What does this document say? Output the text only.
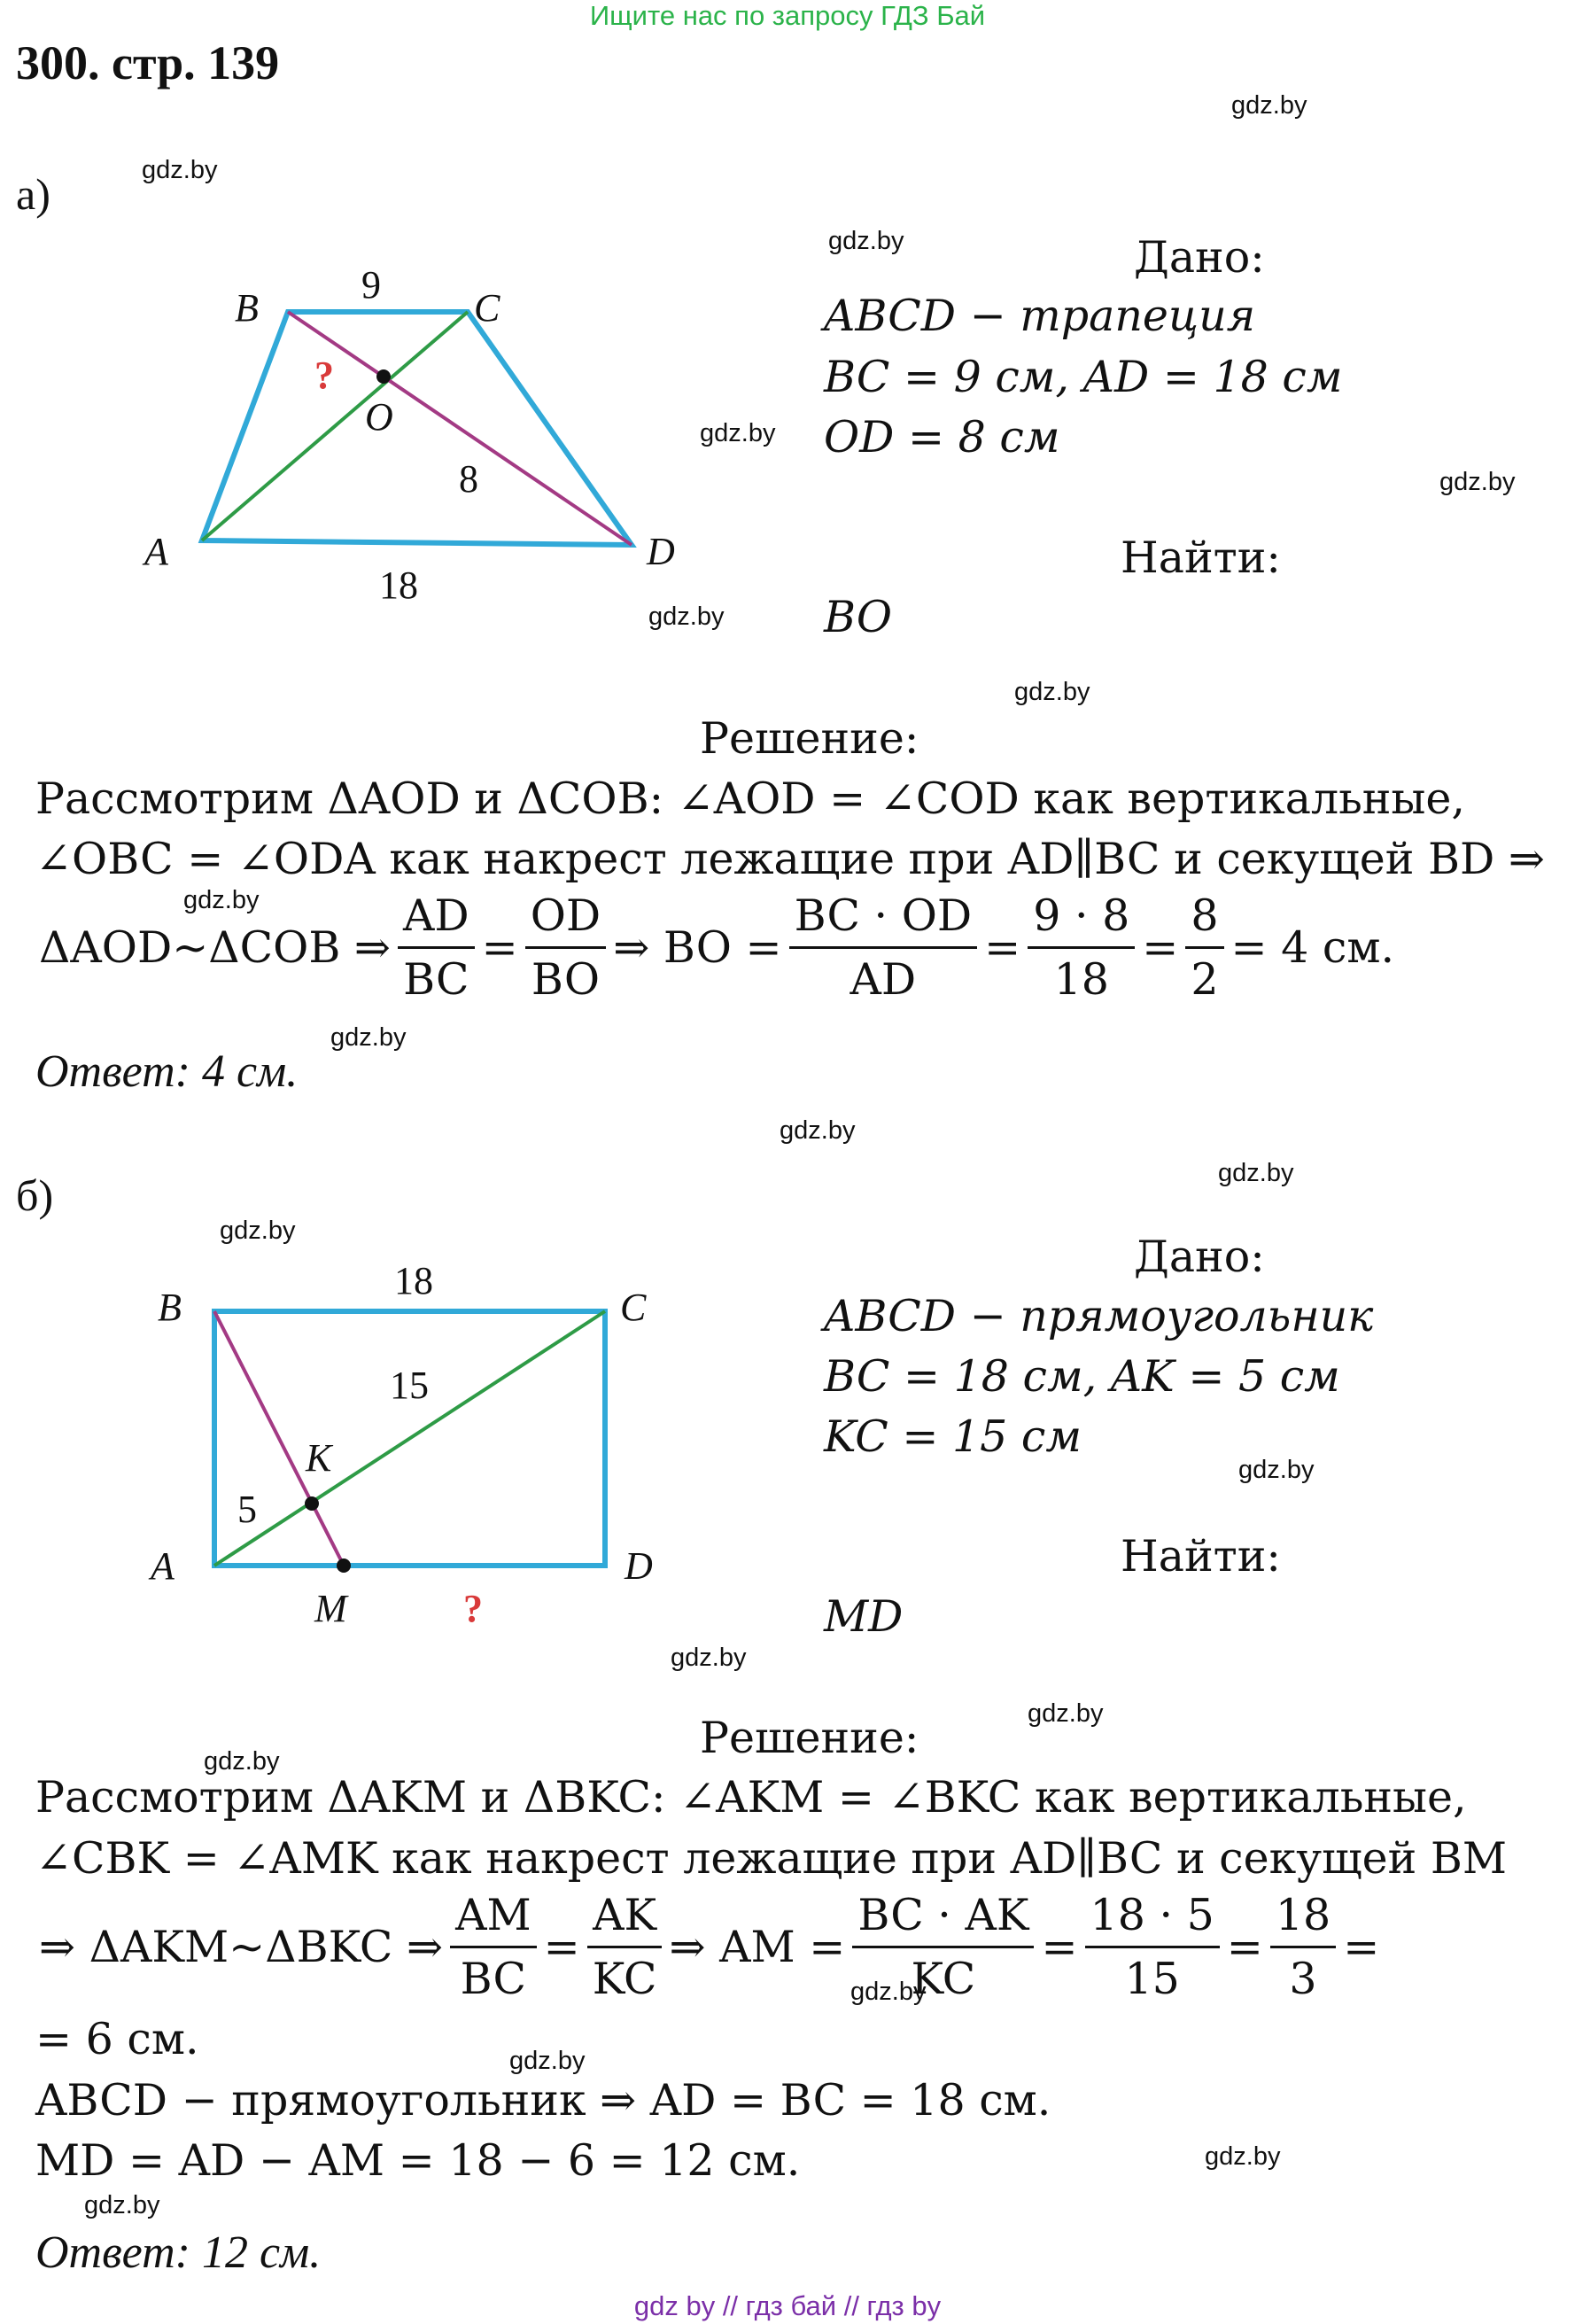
Ищите нас по запросу ГДЗ Бай
300. стр. 139
gdz.by
gdz.by
gdz.by
gdz.by
gdz.by
gdz.by
gdz.by
gdz.by
gdz.by
gdz.by
gdz.by
gdz.by
gdz.by
gdz.by
gdz.by
gdz.by
gdz.by
gdz.by
gdz.by
gdz.by
а)
B	C
A	D
O
9
8
18
?
B	C
A	D
K
M
18
15
5
?
Дано:
ABCD − трапеция
BC = 9 см, AD = 18 см
OD = 8 см
Найти:
BO
Решение:
Рассмотрим ΔAOD и ΔCOB: ∠AOD = ∠COD как вертикальные,
∠OBC = ∠ODA как накрест лежащие при AD∥BC и секущей BD ⇒
ΔAOD~ΔCOB ⇒ $\frac{AD}{BC} = \frac{OD}{BO}$ ⇒ BO = $\frac{BC \cdot OD}{AD} = \frac{9 \cdot 8}{18} = \frac{8}{2} = 4$ см.
Ответ: 4 см.
б)
Дано:
ABCD − прямоугольник
BC = 18 см, AK = 5 см
KC = 15 см
Найти:
MD
Решение:
Рассмотрим ΔAKM и ΔBKC: ∠AKM = ∠BKC как вертикальные,
∠CBK = ∠AMK как накрест лежащие при AD∥BC и секущей BM
⇒ ΔAKM~ΔBKC ⇒ $\frac{AM}{BC} = \frac{AK}{KC}$ ⇒ AM = $\frac{BC \cdot AK}{KC} = \frac{18 \cdot 5}{15} = \frac{18}{3}$ =
= 6 см.
ABCD − прямоугольник ⇒ AD = BC = 18 см.
MD = AD − AM = 18 − 6 = 12 см.
Ответ: 12 см.
gdz by // гдз бай // гдз by
